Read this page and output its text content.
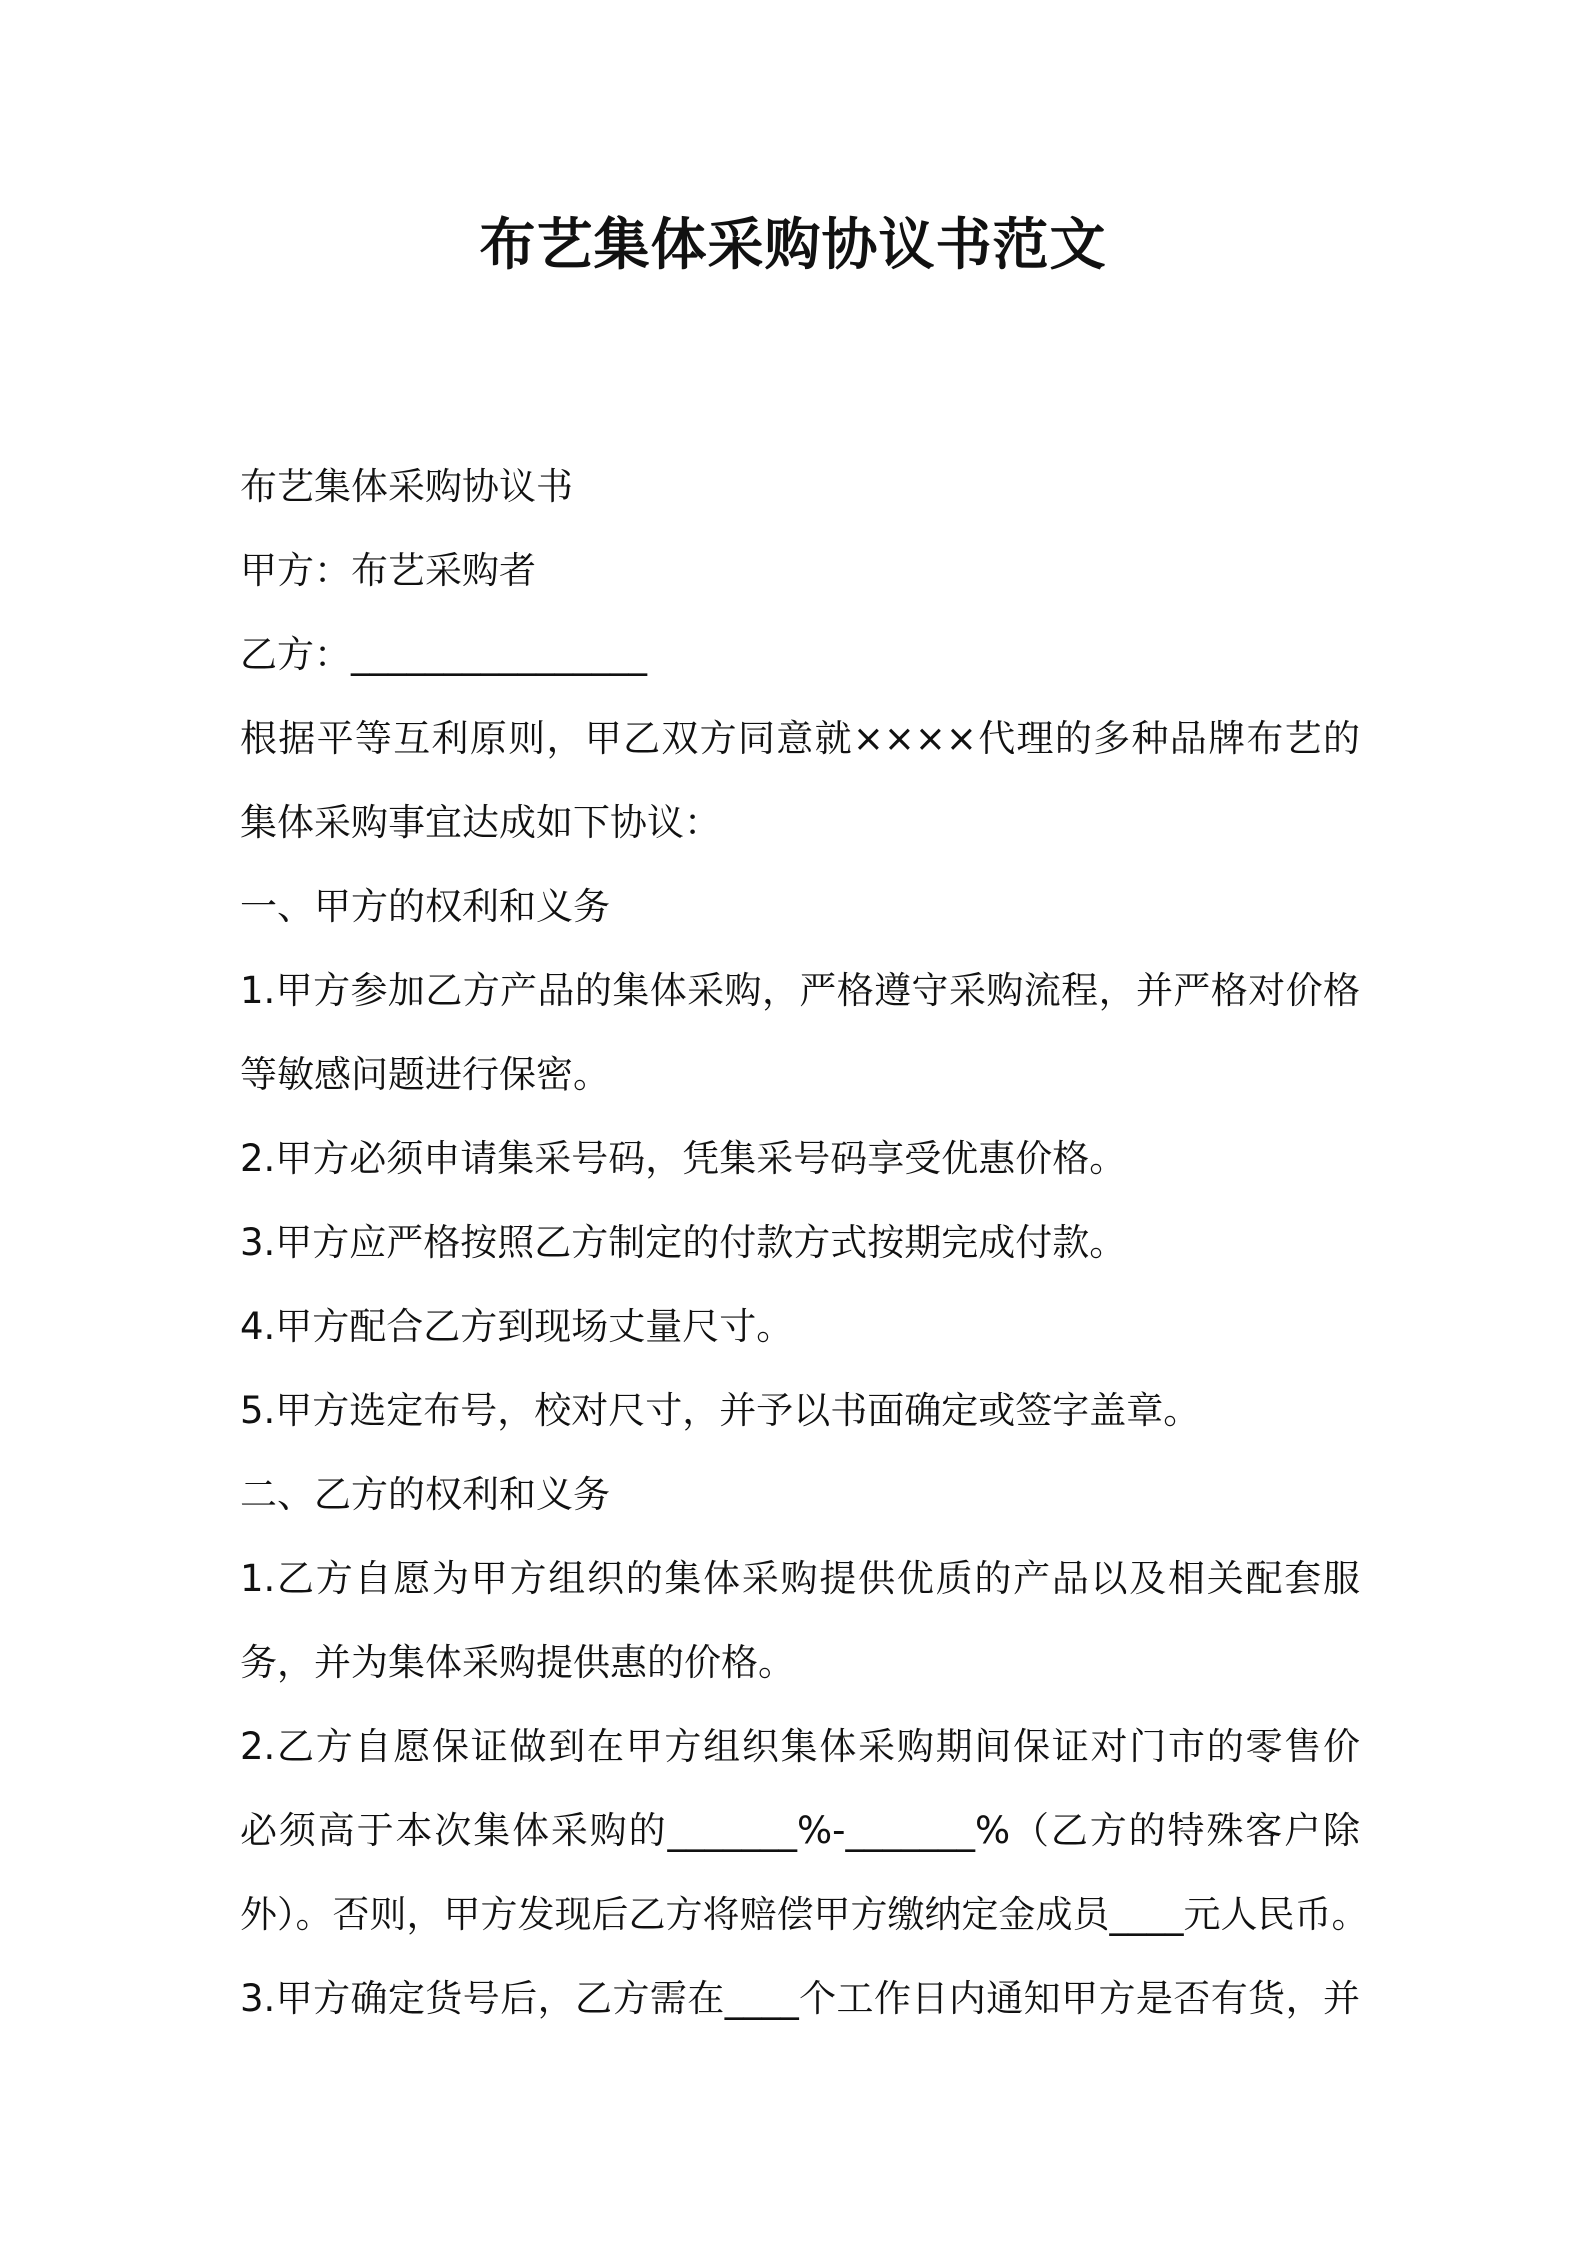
布艺集体采购协议书范文

布艺集体采购协议书

甲方：布艺采购者

乙方：________________

根据平等互利原则，甲乙双方同意就××××代理的多种品牌布艺的

集体采购事宜达成如下协议：

一、甲方的权利和义务

1.甲方参加乙方产品的集体采购，严格遵守采购流程，并严格对价格

等敏感问题进行保密。

2.甲方必须申请集采号码，凭集采号码享受优惠价格。

3.甲方应严格按照乙方制定的付款方式按期完成付款。

4.甲方配合乙方到现场丈量尺寸。

5.甲方选定布号，校对尺寸，并予以书面确定或签字盖章。

二、乙方的权利和义务

1.乙方自愿为甲方组织的集体采购提供优质的产品以及相关配套服

务，并为集体采购提供惠的价格。

2.乙方自愿保证做到在甲方组织集体采购期间保证对门市的零售价

必须高于本次集体采购的_______%-_______%（乙方的特殊客户除

外）。否则，甲方发现后乙方将赔偿甲方缴纳定金成员____元人民币。

3.甲方确定货号后，乙方需在____个工作日内通知甲方是否有货，并
